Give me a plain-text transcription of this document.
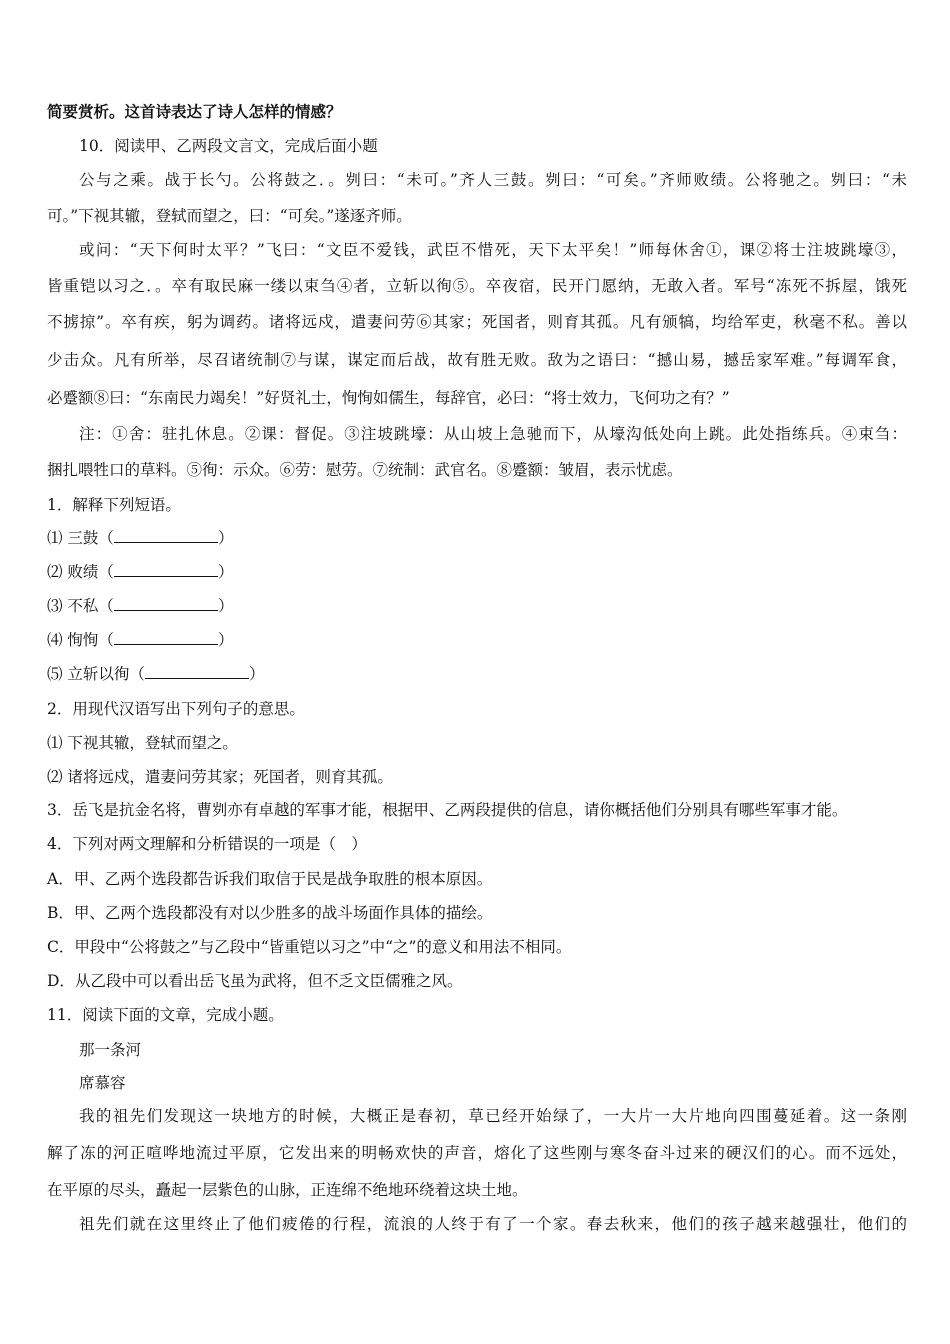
简要赏析。这首诗表达了诗人怎样的情感？
10．阅读甲、乙两段文言文，完成后面小题
公与之乘。战于长勺。公将鼓之．。刿曰：“未可。”齐人三鼓。刿曰：“可矣。”齐师败绩。公将驰之。刿曰：“未
可。”下视其辙，登轼而望之，曰：“可矣。”遂逐齐师。
或问：“天下何时太平？”飞曰：“文臣不爱钱，武臣不惜死，天下太平矣！”师每休舍①，课②将士注坡跳壕③，
皆重铠以习之．。卒有取民麻一缕以束刍④者，立斩以徇⑤。卒夜宿，民开门愿纳，无敢入者。军号“冻死不拆屋，饿死
不掳掠”。卒有疾，躬为调药。诸将远戍，遣妻问劳⑥其家；死国者，则育其孤。凡有颁犒，均给军吏，秋毫不私。善以
少击众。凡有所举，尽召诸统制⑦与谋，谋定而后战，故有胜无败。敌为之语曰：“撼山易，撼岳家军难。”每调军食，
必蹙额⑧曰：“东南民力竭矣！”好贤礼士，恂恂如儒生，每辞官，必曰：“将士效力，飞何功之有？”
注：①舍：驻扎休息。②课：督促。③注坡跳壕：从山坡上急驰而下，从壕沟低处向上跳。此处指练兵。④束刍：
捆扎喂牲口的草料。⑤徇：示众。⑥劳：慰劳。⑦统制：武官名。⑧蹙额：皱眉，表示忧虑。
1．解释下列短语。
⑴ 三鼓（	）
⑵ 败绩（	）
⑶ 不私（	）
⑷ 恂恂（	）
⑸ 立斩以徇（	）
2．用现代汉语写出下列句子的意思。
⑴ 下视其辙，登轼而望之。
⑵ 诸将远戍，遣妻问劳其家；死国者，则育其孤。
3．岳飞是抗金名将，曹刿亦有卓越的军事才能，根据甲、乙两段提供的信息，请你概括他们分别具有哪些军事才能。
4．下列对两文理解和分析错误的一项是（　）
A．甲、乙两个选段都告诉我们取信于民是战争取胜的根本原因。
B．甲、乙两个选段都没有对以少胜多的战斗场面作具体的描绘。
C．甲段中“公将鼓之”与乙段中“皆重铠以习之”中“之”的意义和用法不相同。
D．从乙段中可以看出岳飞虽为武将，但不乏文臣儒雅之风。
11．阅读下面的文章，完成小题。
那一条河
席慕容
我的祖先们发现这一块地方的时候，大概正是春初，草已经开始绿了，一大片一大片地向四围蔓延着。这一条刚
解了冻的河正喧哗地流过平原，它发出来的明畅欢快的声音，熔化了这些刚与寒冬奋斗过来的硬汉们的心。而不远处，
在平原的尽头，矗起一层紫色的山脉，正连绵不绝地环绕着这块土地。
祖先们就在这里终止了他们疲倦的行程，流浪的人终于有了一个家。春去秋来，他们的孩子越来越强壮，他们的
